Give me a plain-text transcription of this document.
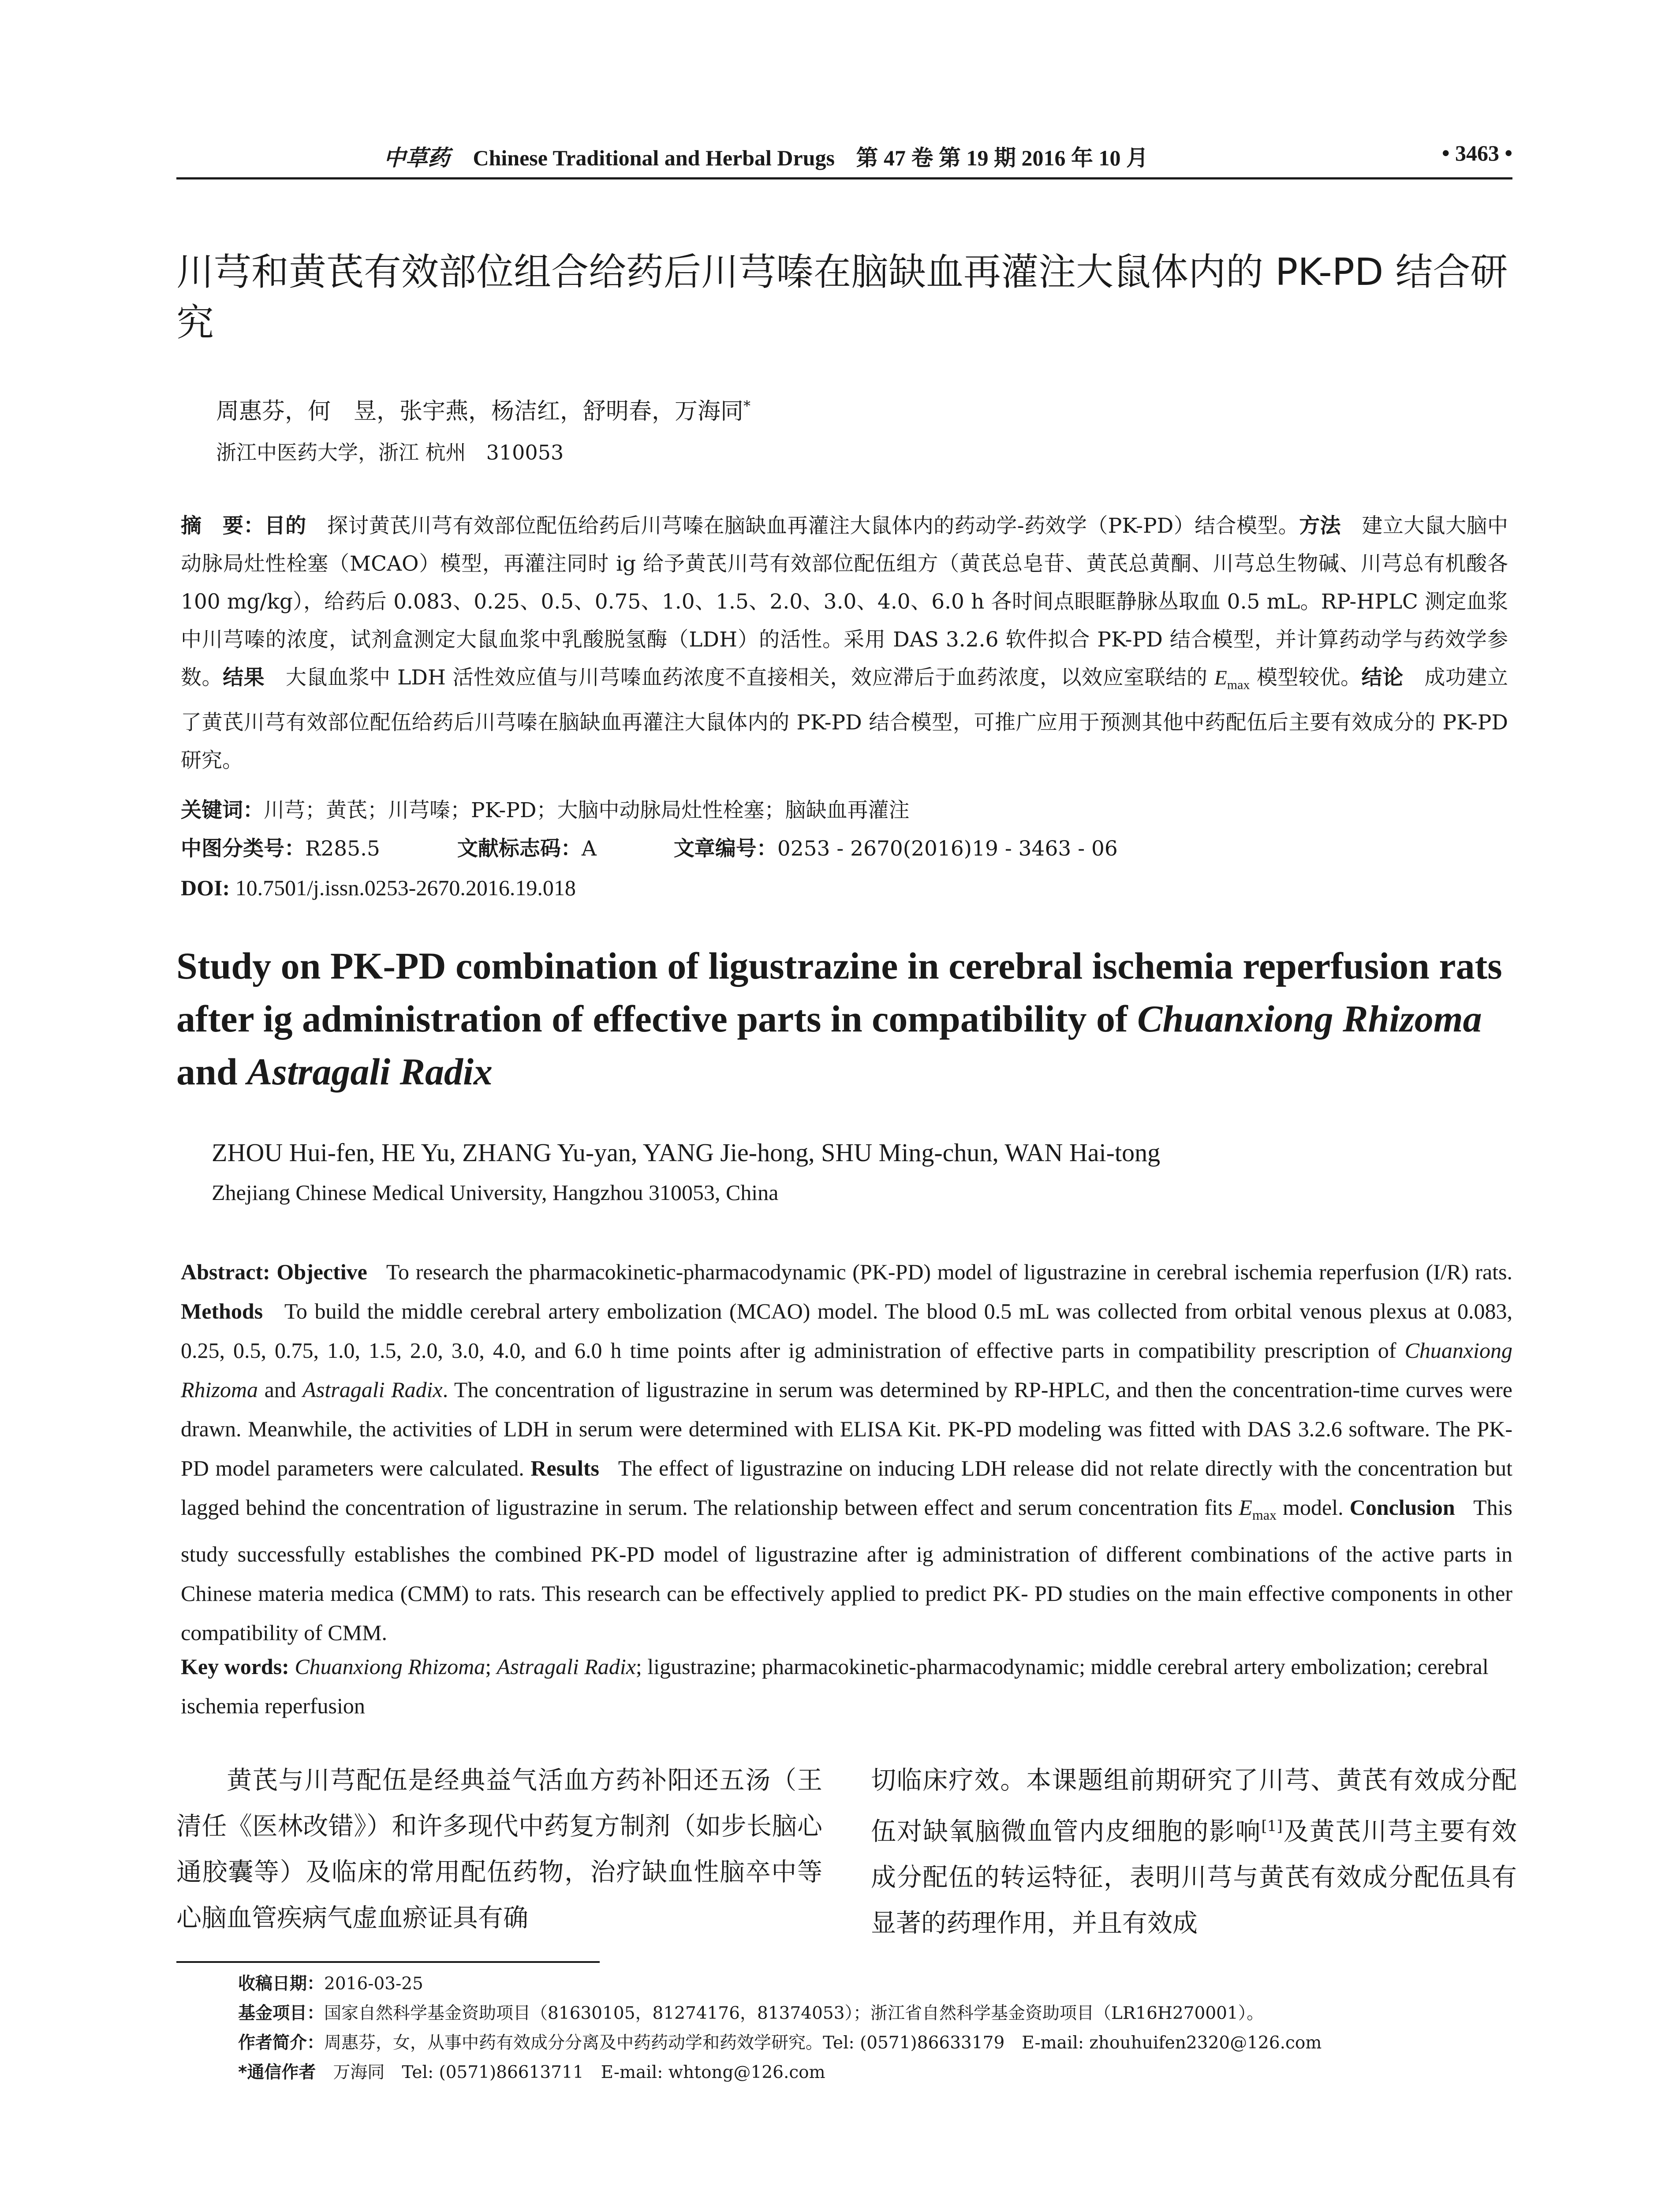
中草药 Chinese Traditional and Herbal Drugs 第 47 卷 第 19 期 2016 年 10 月	• 3463 •
川芎和黄芪有效部位组合给药后川芎嗪在脑缺血再灌注大鼠体内的 PK-PD 结合研究
周惠芬，何　昱，张宇燕，杨洁红，舒明春，万海同*
浙江中医药大学，浙江 杭州　310053
摘　要：目的　 探讨黄芪川芎有效部位配伍给药后川芎嗪在脑缺血再灌注大鼠体内的药动学-药效学（PK-PD）结合模型。方法　 建立大鼠大脑中动脉局灶性栓塞（MCAO）模型，再灌注同时 ig 给予黄芪川芎有效部位配伍组方（黄芪总皂苷、黄芪总黄酮、川芎总生物碱、川芎总有机酸各 100 mg/kg），给药后 0.083、0.25、0.5、0.75、1.0、1.5、2.0、3.0、4.0、6.0 h 各时间点眼眶静脉丛取血 0.5 mL。RP-HPLC 测定血浆中川芎嗪的浓度，试剂盒测定大鼠血浆中乳酸脱氢酶（LDH）的活性。采用 DAS 3.2.6 软件拟合 PK-PD 结合模型，并计算药动学与药效学参数。结果　 大鼠血浆中 LDH 活性效应值与川芎嗪血药浓度不直接相关，效应滞后于血药浓度，以效应室联结的 $E_{max}$ 模型较优。结论　 成功建立了黄芪川芎有效部位配伍给药后川芎嗪在脑缺血再灌注大鼠体内的 PK-PD 结合模型，可推广应用于预测其他中药配伍后主要有效成分的 PK-PD 研究。
关键词：川芎；黄芪；川芎嗪；PK-PD；大脑中动脉局灶性栓塞；脑缺血再灌注
中图分类号：R285.5	文献标志码：A	文章编号：0253 - 2670(2016)19 - 3463 - 06
DOI: 10.7501/j.issn.0253-2670.2016.19.018
Study on PK-PD combination of ligustrazine in cerebral ischemia reperfusion rats after ig administration of effective parts in compatibility of Chuanxiong Rhizoma and Astragali Radix
ZHOU Hui-fen, HE Yu, ZHANG Yu-yan, YANG Jie-hong, SHU Ming-chun, WAN Hai-tong
Zhejiang Chinese Medical University, Hangzhou 310053, China
Abstract: Objective To research the pharmacokinetic-pharmacodynamic (PK-PD) model of ligustrazine in cerebral ischemia reperfusion (I/R) rats. Methods To build the middle cerebral artery embolization (MCAO) model. The blood 0.5 mL was collected from orbital venous plexus at 0.083, 0.25, 0.5, 0.75, 1.0, 1.5, 2.0, 3.0, 4.0, and 6.0 h time points after ig administration of effective parts in compatibility prescription of Chuanxiong Rhizoma and Astragali Radix. The concentration of ligustrazine in serum was determined by RP-HPLC, and then the concentration-time curves were drawn. Meanwhile, the activities of LDH in serum were determined with ELISA Kit. PK-PD modeling was fitted with DAS 3.2.6 software. The PK-PD model parameters were calculated. Results The effect of ligustrazine on inducing LDH release did not relate directly with the concentration but lagged behind the concentration of ligustrazine in serum. The relationship between effect and serum concentration fits $E_{max}$ model. Conclusion This study successfully establishes the combined PK-PD model of ligustrazine after ig administration of different combinations of the active parts in Chinese materia medica (CMM) to rats. This research can be effectively applied to predict PK- PD studies on the main effective components in other compatibility of CMM.
Key words: Chuanxiong Rhizoma; Astragali Radix; ligustrazine; pharmacokinetic-pharmacodynamic; middle cerebral artery embolization; cerebral ischemia reperfusion
黄芪与川芎配伍是经典益气活血方药补阳还五汤（王清任《医林改错》）和许多现代中药复方制剂（如步长脑心通胶囊等）及临床的常用配伍药物，治疗缺血性脑卒中等心脑血管疾病气虚血瘀证具有确
切临床疗效。本课题组前期研究了川芎、黄芪有效成分配伍对缺氧脑微血管内皮细胞的影响[1]及黄芪川芎主要有效成分配伍的转运特征，表明川芎与黄芪有效成分配伍具有显著的药理作用，并且有效成
收稿日期：2016-03-25
基金项目：国家自然科学基金资助项目（81630105，81274176，81374053）；浙江省自然科学基金资助项目（LR16H270001）。
作者简介：周惠芬，女，从事中药有效成分分离及中药药动学和药效学研究。Tel: (0571)86633179　E-mail: zhouhuifen2320@126.com
*通信作者　 万海同　Tel: (0571)86613711　E-mail: whtong@126.com
